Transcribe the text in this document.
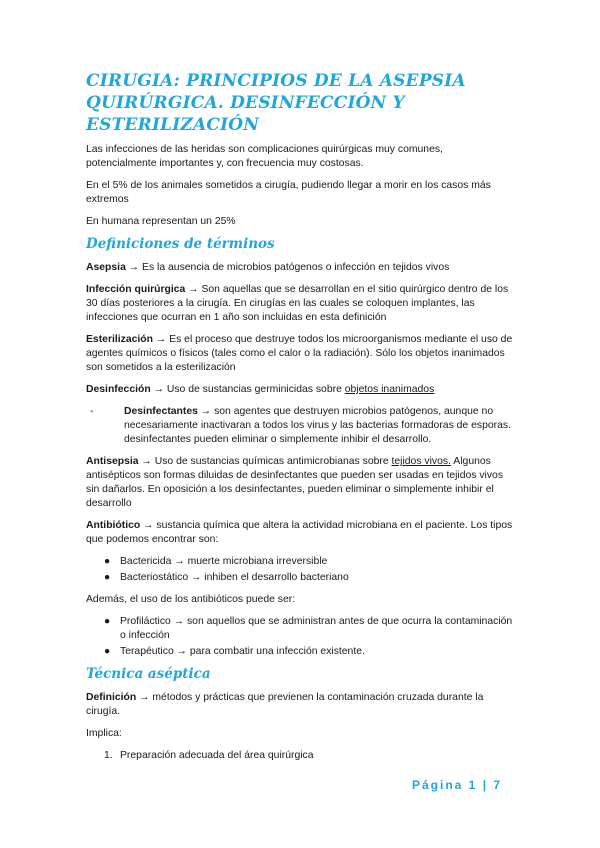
CIRUGIA: PRINCIPIOS DE LA ASEPSIA QUIRÚRGICA. DESINFECCIÓN Y ESTERILIZACIÓN

Las infecciones de las heridas son complicaciones quirúrgicas muy comunes, potencialmente importantes y, con frecuencia muy costosas.

En el 5% de los animales sometidos a cirugía, pudiendo llegar a morir en los casos más extremos

En humana representan un 25%

Definiciones de términos

Asepsia → Es la ausencia de microbios patógenos o infección en tejidos vivos

Infección quirúrgica → Son aquellas que se desarrollan en el sitio quirúrgico dentro de los 30 días posteriores a la cirugía. En cirugías en las cuales se coloquen implantes, las infecciones que ocurran en 1 año son incluidas en esta definición

Esterilización → Es el proceso que destruye todos los microorganismos mediante el uso de agentes químicos o físicos (tales como el calor o la radiación). Sólo los objetos inanimados son sometidos a la esterilización

Desinfección → Uso de sustancias germinicidas sobre objetos inanimados

-	Desinfectantes → son agentes que destruyen microbios patógenos, aunque no necesariamente inactivaran a todos los virus y las bacterias formadoras de esporas. desinfectantes pueden eliminar o simplemente inhibir el desarrollo.

Antisepsia → Uso de sustancias químicas antimicrobianas sobre tejidos vivos. Algunos antisépticos son formas diluidas de desinfectantes que pueden ser usadas en tejidos vivos sin dañarlos. En oposición a los desinfectantes, pueden eliminar o simplemente inhibir el desarrollo

Antibiótico → sustancia química que altera la actividad microbiana en el paciente. Los tipos que podemos encontrar son:

● Bactericida → muerte microbiana irreversible
● Bacteriostático → inhiben el desarrollo bacteriano

Además, el uso de los antibióticos puede ser:

● Profiláctico → son aquellos que se administran antes de que ocurra la contaminación o infección
● Terapéutico → para combatir una infección existente.
Técnica aséptica

Definición → métodos y prácticas que previenen la contaminación cruzada durante la cirugía.

Implica:

1. Preparación adecuada del área quirúrgica
Página 1 | 7
